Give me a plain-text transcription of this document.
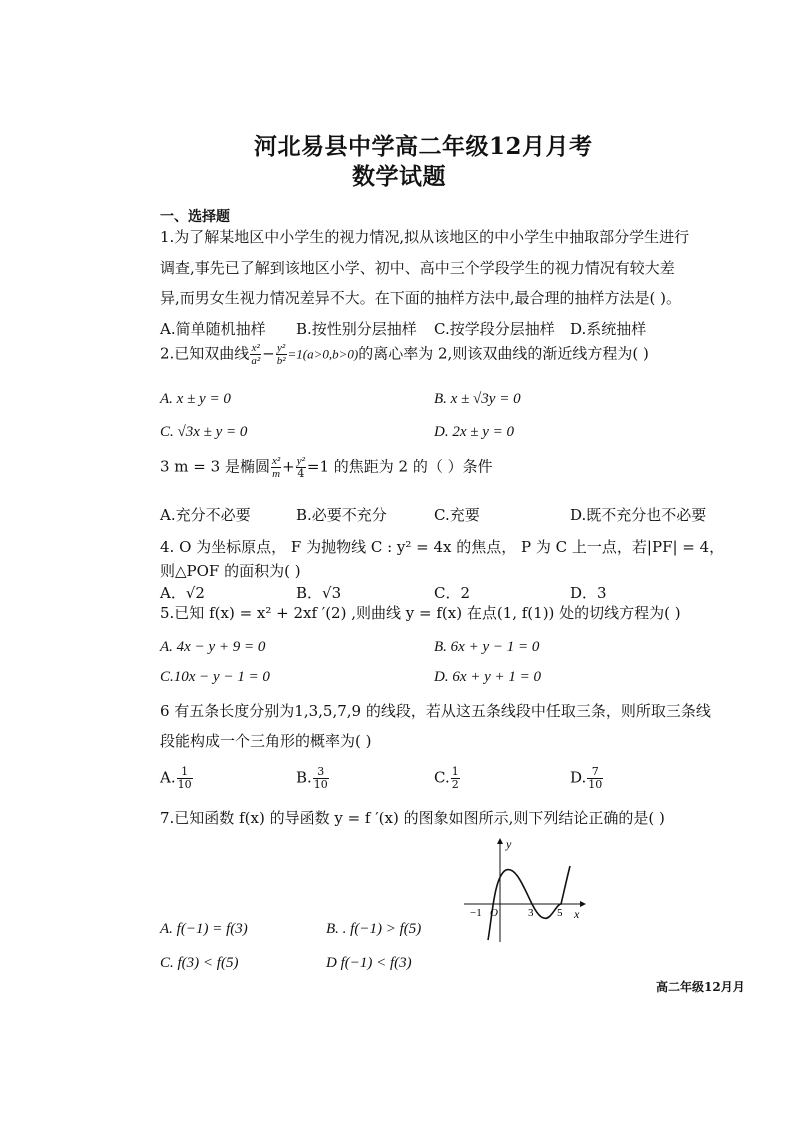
河北易县中学高二年级12月月考
数学试题
一、选择题
1.为了解某地区中小学生的视力情况,拟从该地区的中小学生中抽取部分学生进行
调查,事先已了解到该地区小学、初中、高中三个学段学生的视力情况有较大差
异,而男女生视力情况差异不大。在下面的抽样方法中,最合理的抽样方法是( )。
A.简单随机抽样 B.按性别分层抽样 C.按学段分层抽样 D.系统抽样
2.已知双曲线 $\frac{\text{x²}}{\text{a²}} - \frac{\text{y²}}{\text{b²}} =1(a>0,b>0)$的离心率为 2,则该双曲线的渐近线方程为( )
A. x ± y = 0	B. x ± √3y = 0
C. √3x ± y = 0	D. 2x ± y = 0
3 m = 3 是椭圆 $\frac{\text{x²}}{m} + \frac{\text{y²}}{4} =1$ 的焦距为 2 的（ ）条件
A.充分不必要	B.必要不充分	C.充要	D.既不充分也不必要
4. O 为坐标原点， F 为抛物线 C : y² = 4x 的焦点， P 为 C 上一点，若|PF| = 4，
则△POF 的面积为( )
A．√2	B．√3	C．2	D．3
5.已知 f(x) = x² + 2xf ′(2) ,则曲线 y = f(x) 在点(1, f(1)) 处的切线方程为( )
A. 4x − y + 9 = 0	B. 6x + y − 1 = 0
C.10x − y − 1 = 0	D. 6x + y + 1 = 0
6 有五条长度分别为1,3,5,7,9 的线段，若从这五条线段中任取三条，则所取三条线
段能构成一个三角形的概率为( )
A. $\frac{1}{10}$	B. $\frac{3}{10}$	C. $\frac{1}{2}$	D. $\frac{7}{10}$
7.已知函数 f(x) 的导函数 y = f ′(x) 的图象如图所示,则下列结论正确的是( )
y
x
−1 O	3 5
A. f(−1) = f(3)	B. . f(−1) > f(5)
C. f(3) < f(5)	D f(−1) < f(3)
高二年级12月月
